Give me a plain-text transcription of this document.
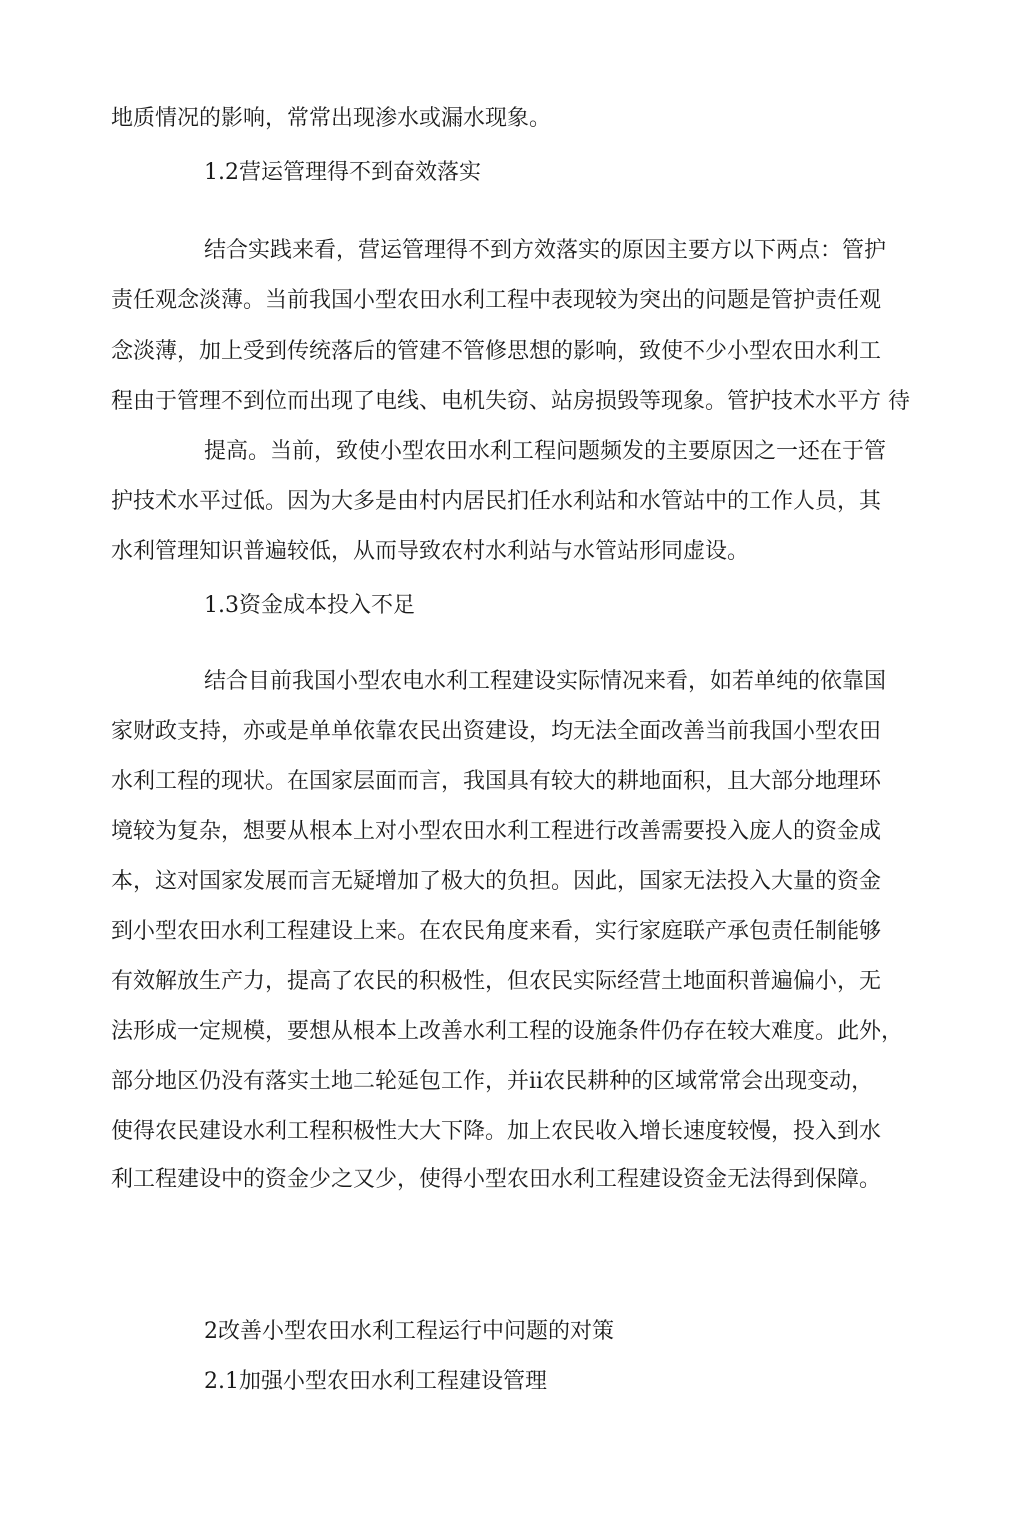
地质情况的影响，常常出现渗水或漏水现象。
1.2营运管理得不到奋效落实
结合实践来看，营运管理得不到方效落实的原因主要方以下两点：管护
责任观念淡薄。当前我国小型农田水利工程中表现较为突出的问题是管护责任观
念淡薄，加上受到传统落后的管建不管修思想的影响，致使不少小型农田水利工
程由于管理不到位而出现了电线、电机失窃、站房损毁等现象。管护技术水平方 待
提高。当前，致使小型农田水利工程问题频发的主要原因之一还在于管
护技术水平过低。因为大多是由村内居民扪任水利站和水管站中的工作人员，其
水利管理知识普遍较低，从而导致农村水利站与水管站形同虚设。
1.3资金成本投入不足
结合目前我国小型农电水利工程建设实际情况来看，如若单纯的依靠国
家财政支持，亦或是单单依靠农民出资建设，均无法全面改善当前我国小型农田
水利工程的现状。在国家层面而言，我国具有较大的耕地面积，且大部分地理环
境较为复杂，想要从根本上对小型农田水利工程进行改善需要投入庞人的资金成
本，这对国家发展而言无疑增加了极大的负担。因此，国家无法投入大量的资金
到小型农田水利工程建设上来。在农民角度来看，实行家庭联产承包责任制能够
有效解放生产力，提高了农民的积极性，但农民实际经营土地面积普遍偏小，无
法形成一定规模，要想从根本上改善水利工程的设施条件仍存在较大难度。此外，
部分地区仍没有落实土地二轮延包工作，并ii农民耕种的区域常常会出现变动，
使得农民建设水利工程积极性大大下降。加上农民收入增长速度较慢，投入到水
利工程建设中的资金少之又少，使得小型农田水利工程建设资金无法得到保障。
2改善小型农田水利工程运行中问题的对策
2.1加强小型农田水利工程建设管理
